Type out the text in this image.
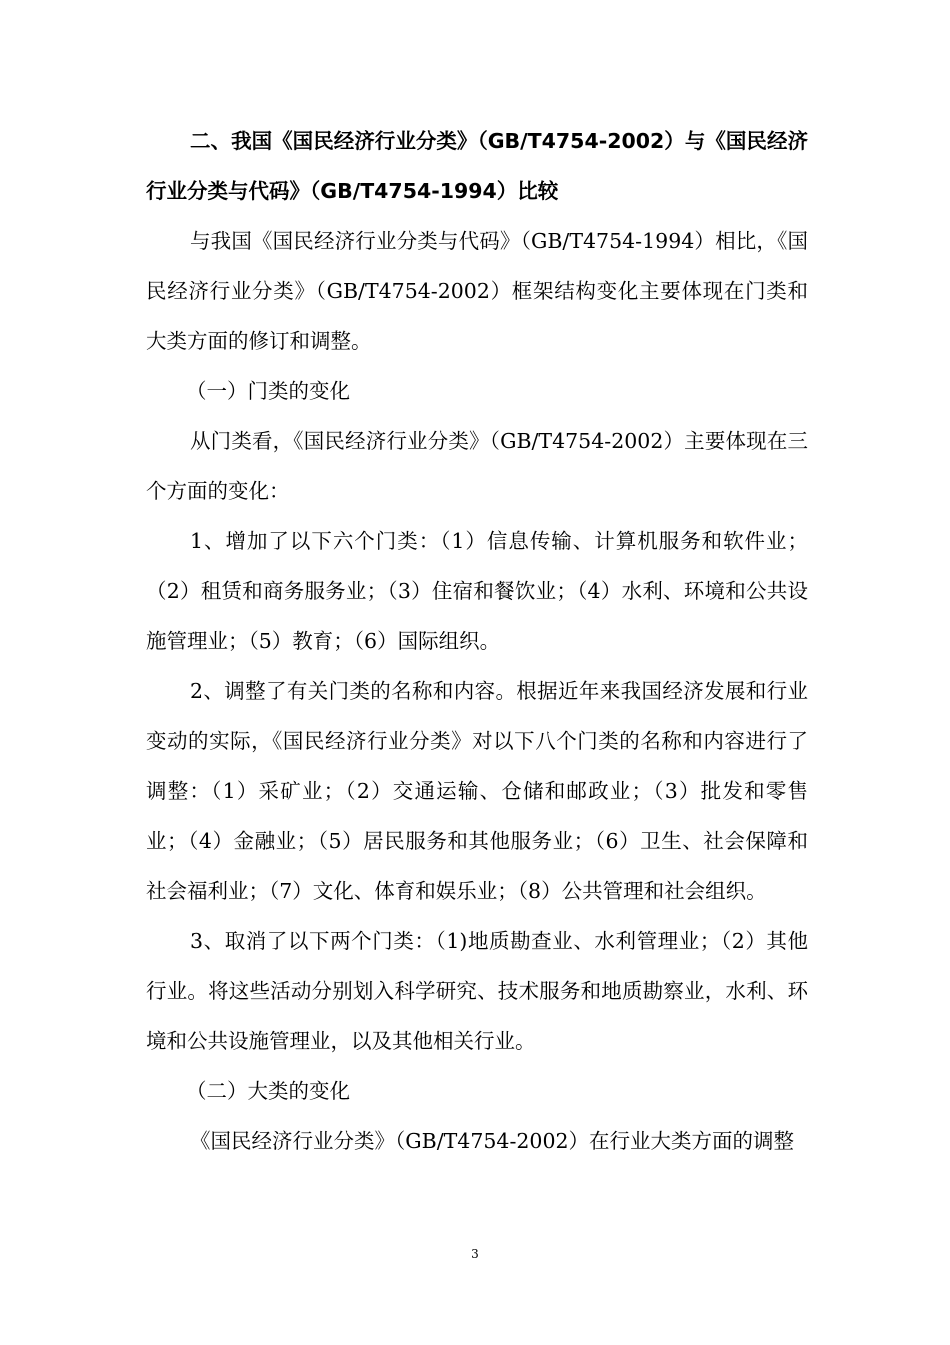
二、我国《国民经济行业分类》（GB/T4754-2002）与《国民经济行业分类与代码》（GB/T4754-1994）比较

与我国《国民经济行业分类与代码》（GB/T4754-1994）相比，《国民经济行业分类》（GB/T4754-2002）框架结构变化主要体现在门类和大类方面的修订和调整。

（一）门类的变化

从门类看，《国民经济行业分类》（GB/T4754-2002）主要体现在三个方面的变化：

1、增加了以下六个门类：（1）信息传输、计算机服务和软件业；（2）租赁和商务服务业；（3）住宿和餐饮业；（4）水利、环境和公共设施管理业；（5）教育；（6）国际组织。

2、调整了有关门类的名称和内容。根据近年来我国经济发展和行业变动的实际，《国民经济行业分类》对以下八个门类的名称和内容进行了调整：（1）采矿业；（2）交通运输、仓储和邮政业；（3）批发和零售业；（4）金融业；（5）居民服务和其他服务业；（6）卫生、社会保障和社会福利业；（7）文化、体育和娱乐业；（8）公共管理和社会组织。

3、取消了以下两个门类：（1)地质勘查业、水利管理业；（2）其他行业。将这些活动分别划入科学研究、技术服务和地质勘察业，水利、环境和公共设施管理业，以及其他相关行业。

（二）大类的变化

《国民经济行业分类》（GB/T4754-2002）在行业大类方面的调整

3
